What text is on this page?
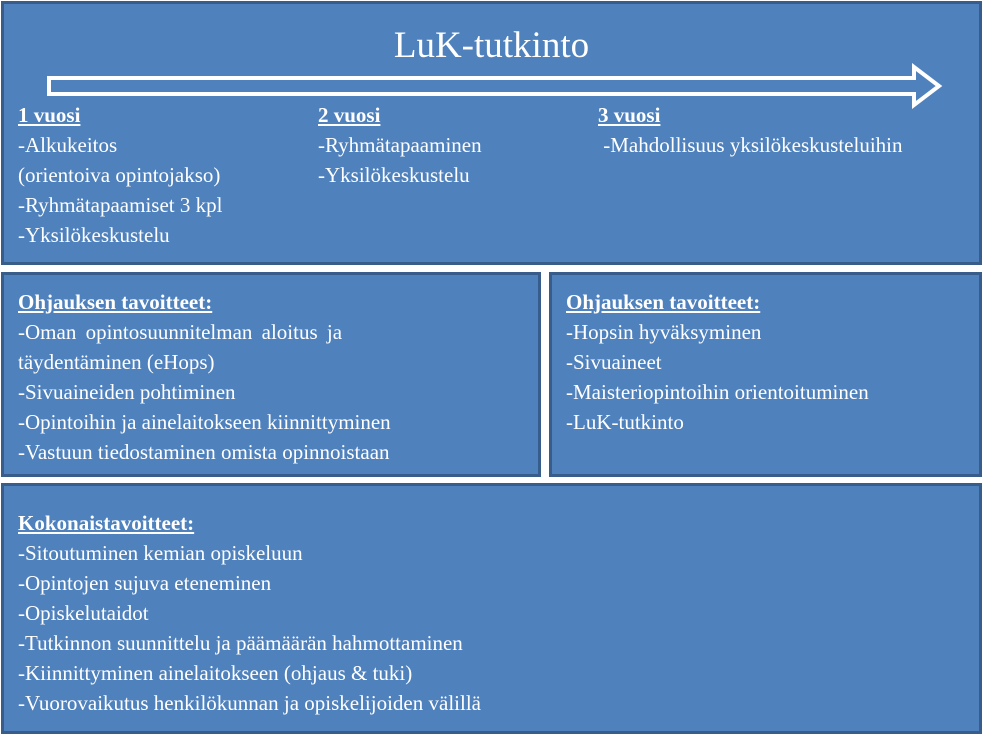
LuK-tutkinto
1 vuosi
-Alkukeitos
(orientoiva opintojakso)
-Ryhmätapaamiset 3 kpl
-Yksilökeskustelu
2 vuosi
-Ryhmätapaaminen
-Yksilökeskustelu
3 vuosi
-Mahdollisuus yksilökeskusteluihin
Ohjauksen tavoitteet:
-Oman opintosuunnitelman aloitus ja
täydentäminen (eHops)
-Sivuaineiden pohtiminen
-Opintoihin ja ainelaitokseen kiinnittyminen
-Vastuun tiedostaminen omista opinnoistaan
Ohjauksen tavoitteet:
-Hopsin hyväksyminen
-Sivuaineet
-Maisteriopintoihin orientoituminen
-LuK-tutkinto
Kokonaistavoitteet:
-Sitoutuminen kemian opiskeluun
-Opintojen sujuva eteneminen
-Opiskelutaidot
-Tutkinnon suunnittelu ja päämäärän hahmottaminen
-Kiinnittyminen ainelaitokseen (ohjaus & tuki)
-Vuorovaikutus henkilökunnan ja opiskelijoiden välillä
